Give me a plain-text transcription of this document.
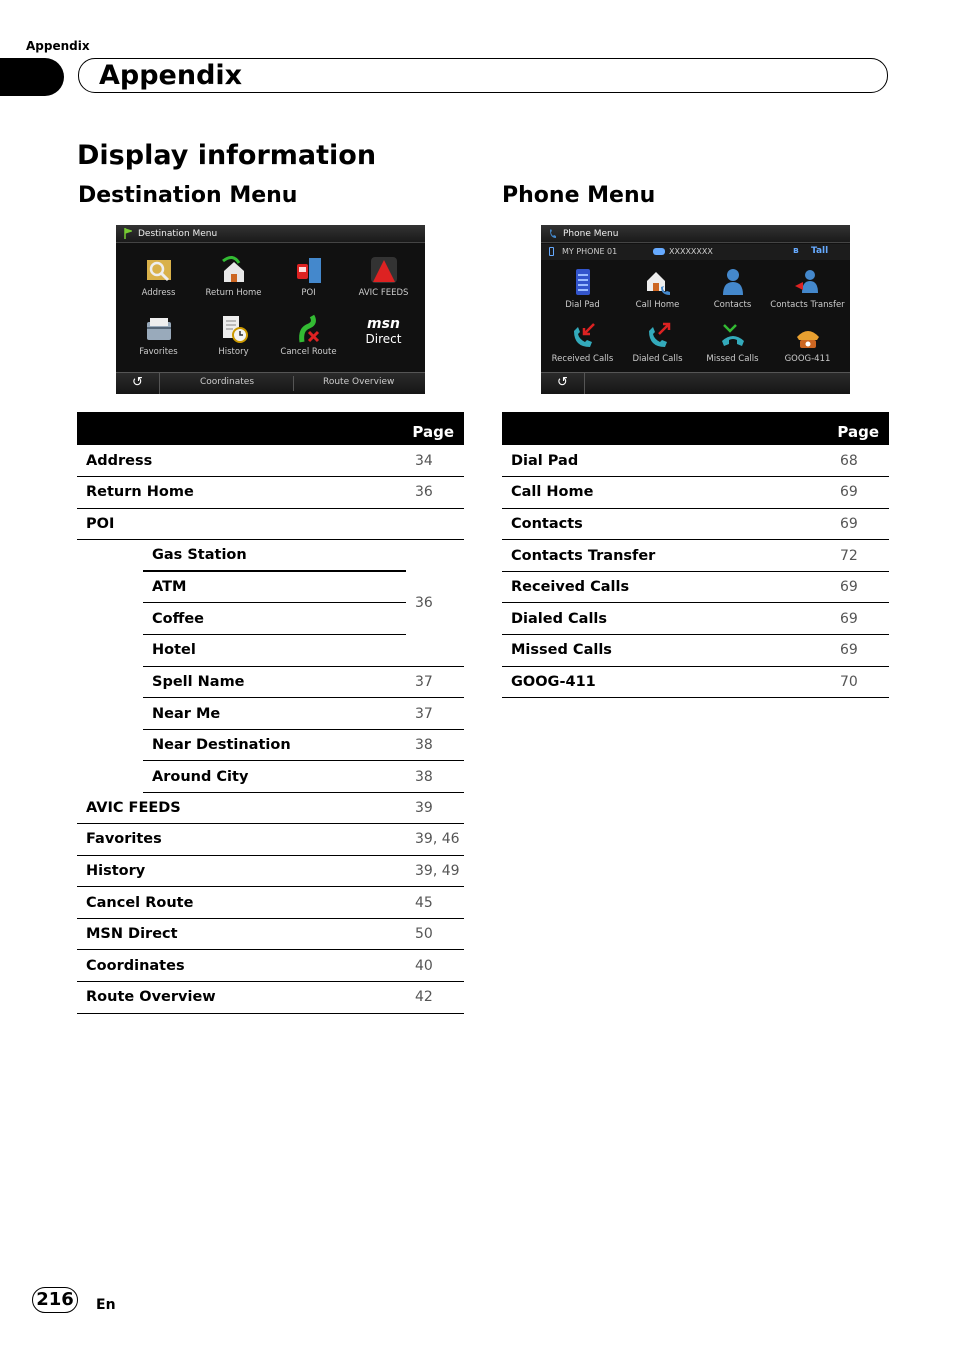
Appendix
Appendix
Display information
Destination Menu	Phone Menu
Destination Menu
Address	Return Home	POI	AVIC FEEDS
Favorites	History	Cancel Route
msn
Direct
↺	Coordinates	Route Overview
Phone Menu
MY PHONE 01	XXXXXXXX	ʙ Tall
Dial Pad	Call Home	Contacts	Contacts Transfer
Received Calls	Dialed Calls	Missed Calls	GOOG-411
↺
Page		
Address		34
Return Home		36
POI		
	Gas Station	36
	ATM	
	Coffee	
	Hotel	
	Spell Name	37
	Near Me	37
	Near Destination	38
	Around City	38
AVIC FEEDS	39
Favorites	39, 46
History	39, 49
Cancel Route	45
MSN Direct	50
Coordinates	40
Route Overview	42
Page	
Dial Pad	68
Call Home	69
Contacts	69
Contacts Transfer	72
Received Calls	69
Dialed Calls	69
Missed Calls	69
GOOG-411	70
216	En
